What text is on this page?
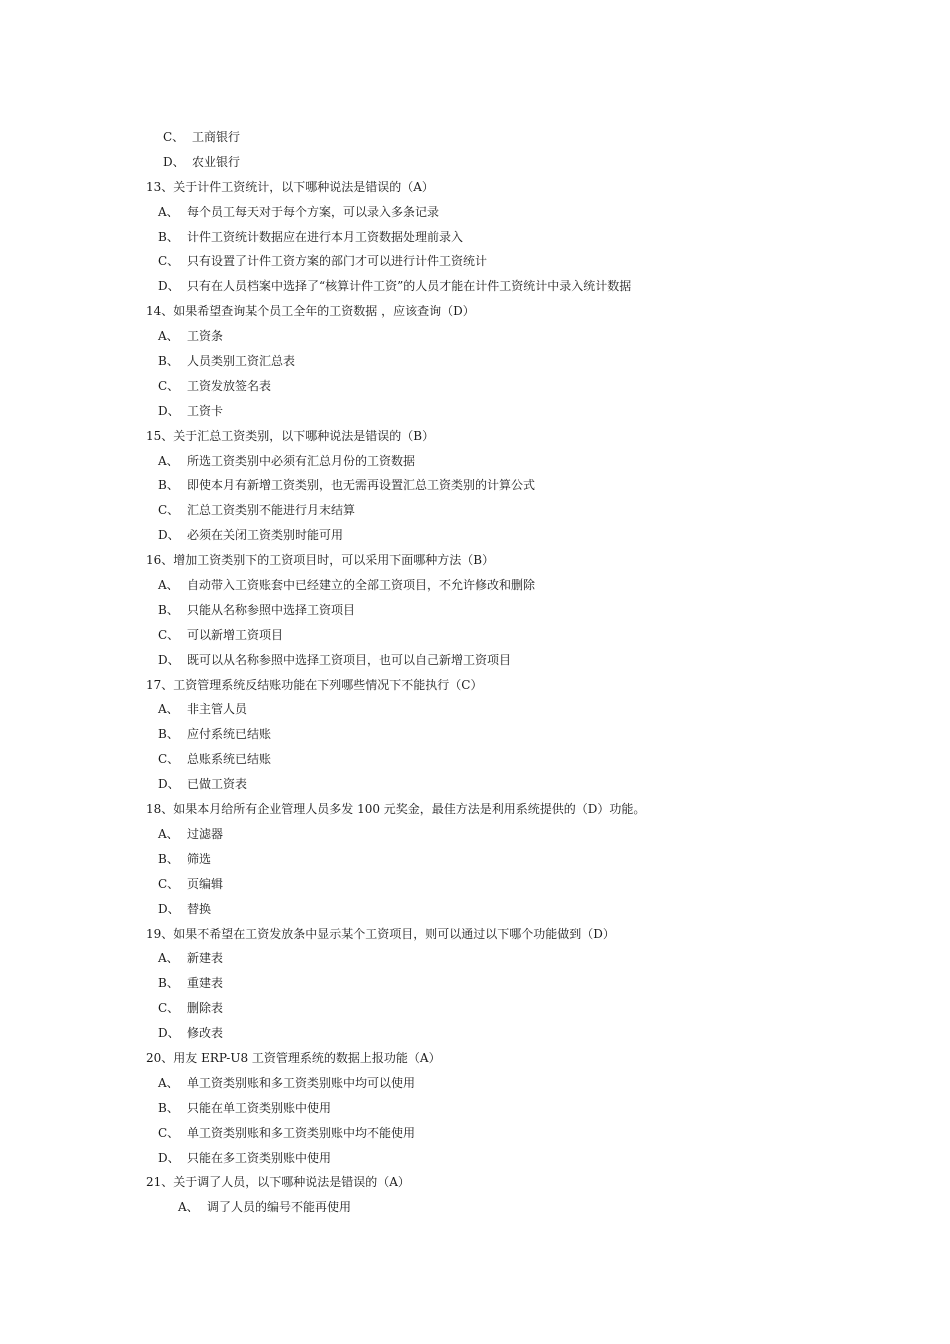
C、 工商银行
D、 农业银行
13、关于计件工资统计，以下哪种说法是错误的（A）
A、 每个员工每天对于每个方案，可以录入多条记录
B、 计件工资统计数据应在进行本月工资数据处理前录入
C、 只有设置了计件工资方案的部门才可以进行计件工资统计
D、 只有在人员档案中选择了“核算计件工资”的人员才能在计件工资统计中录入统计数据
14、如果希望查询某个员工全年的工资数据 ，应该查询（D）
A、 工资条
B、 人员类别工资汇总表
C、 工资发放签名表
D、 工资卡
15、关于汇总工资类别，以下哪种说法是错误的（B）
A、 所选工资类别中必须有汇总月份的工资数据
B、 即使本月有新增工资类别，也无需再设置汇总工资类别的计算公式
C、 汇总工资类别不能进行月末结算
D、 必须在关闭工资类别时能可用
16、增加工资类别下的工资项目时，可以采用下面哪种方法（B）
A、 自动带入工资账套中已经建立的全部工资项目，不允许修改和删除
B、 只能从名称参照中选择工资项目
C、 可以新增工资项目
D、 既可以从名称参照中选择工资项目，也可以自己新增工资项目
17、工资管理系统反结账功能在下列哪些情况下不能执行（C）
A、 非主管人员
B、 应付系统已结账
C、 总账系统已结账
D、 已做工资表
18、如果本月给所有企业管理人员多发 100 元奖金，最佳方法是利用系统提供的（D）功能。
A、 过滤器
B、 筛选
C、 页编辑
D、 替换
19、如果不希望在工资发放条中显示某个工资项目，则可以通过以下哪个功能做到（D）
A、 新建表
B、 重建表
C、 删除表
D、 修改表
20、用友 ERP-U8 工资管理系统的数据上报功能（A）
A、 单工资类别账和多工资类别账中均可以使用
B、 只能在单工资类别账中使用
C、 单工资类别账和多工资类别账中均不能使用
D、 只能在多工资类别账中使用
21、关于调了人员，以下哪种说法是错误的（A）
A、 调了人员的编号不能再使用
